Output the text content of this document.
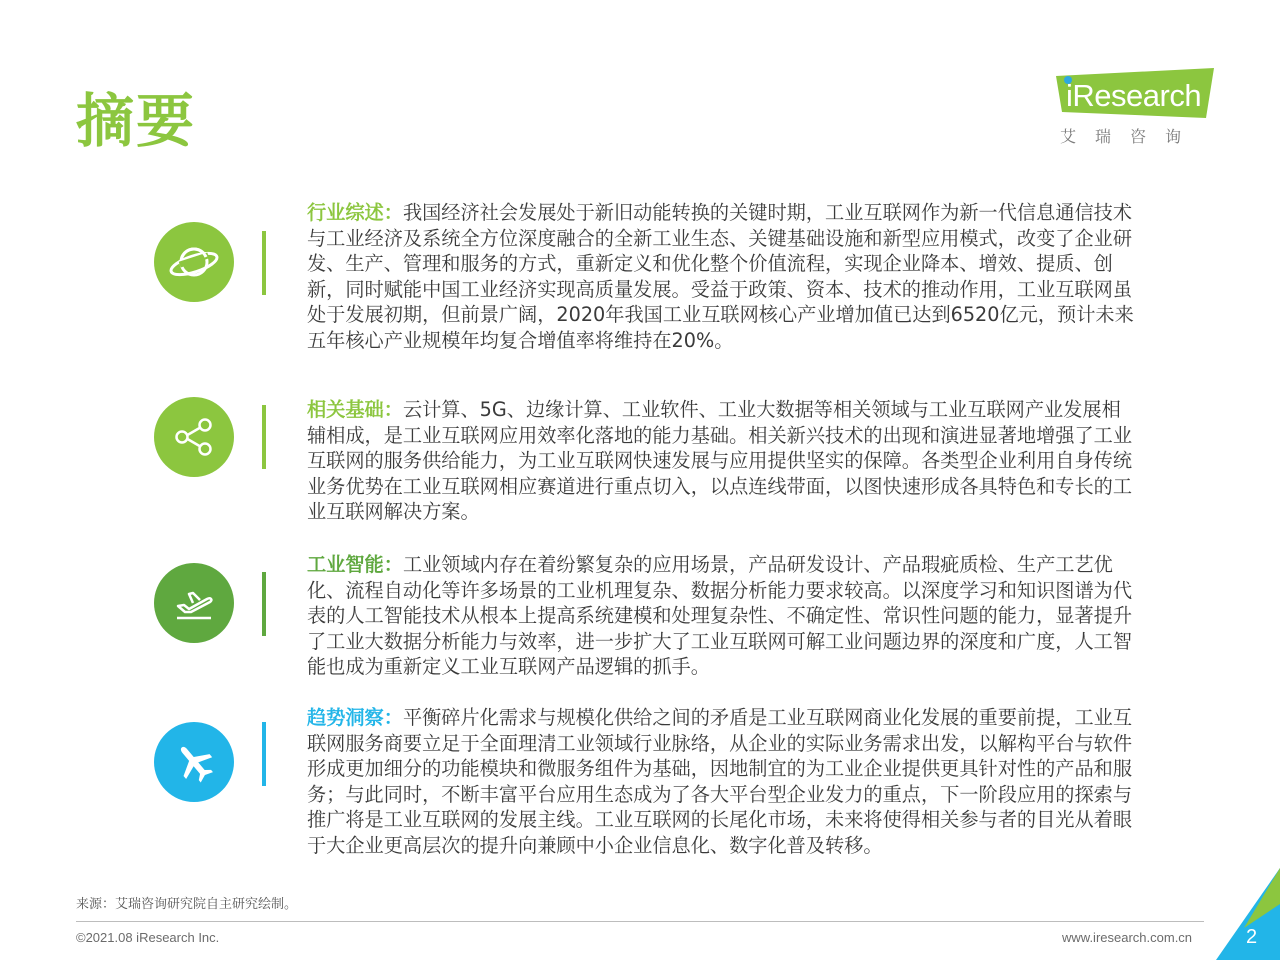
摘要	iResearch
艾瑞咨询
行业综述：我国经济社会发展处于新旧动能转换的关键时期，工业互联网作为新一代信息通信技术与工业经济及系统全方位深度融合的全新工业生态、关键基础设施和新型应用模式，改变了企业研发、生产、管理和服务的方式，重新定义和优化整个价值流程，实现企业降本、增效、提质、创新，同时赋能中国工业经济实现高质量发展。受益于政策、资本、技术的推动作用，工业互联网虽处于发展初期，但前景广阔，2020年我国工业互联网核心产业增加值已达到6520亿元，预计未来五年核心产业规模年均复合增值率将维持在20%。
相关基础：云计算、5G、边缘计算、工业软件、工业大数据等相关领域与工业互联网产业发展相辅相成，是工业互联网应用效率化落地的能力基础。相关新兴技术的出现和演进显著地增强了工业互联网的服务供给能力，为工业互联网快速发展与应用提供坚实的保障。各类型企业利用自身传统业务优势在工业互联网相应赛道进行重点切入，以点连线带面，以图快速形成各具特色和专长的工业互联网解决方案。
工业智能：工业领域内存在着纷繁复杂的应用场景，产品研发设计、产品瑕疵质检、生产工艺优化、流程自动化等许多场景的工业机理复杂、数据分析能力要求较高。以深度学习和知识图谱为代表的人工智能技术从根本上提高系统建模和处理复杂性、不确定性、常识性问题的能力，显著提升了工业大数据分析能力与效率，进一步扩大了工业互联网可解工业问题边界的深度和广度，人工智能也成为重新定义工业互联网产品逻辑的抓手。
趋势洞察：平衡碎片化需求与规模化供给之间的矛盾是工业互联网商业化发展的重要前提，工业互联网服务商要立足于全面理清工业领域行业脉络，从企业的实际业务需求出发，以解构平台与软件形成更加细分的功能模块和微服务组件为基础，因地制宜的为工业企业提供更具针对性的产品和服务；与此同时，不断丰富平台应用生态成为了各大平台型企业发力的重点，下一阶段应用的探索与推广将是工业互联网的发展主线。工业互联网的长尾化市场，未来将使得相关参与者的目光从着眼于大企业更高层次的提升向兼顾中小企业信息化、数字化普及转移。
来源：艾瑞咨询研究院自主研究绘制。
©2021.08 iResearch Inc.	www.iresearch.com.cn	2
